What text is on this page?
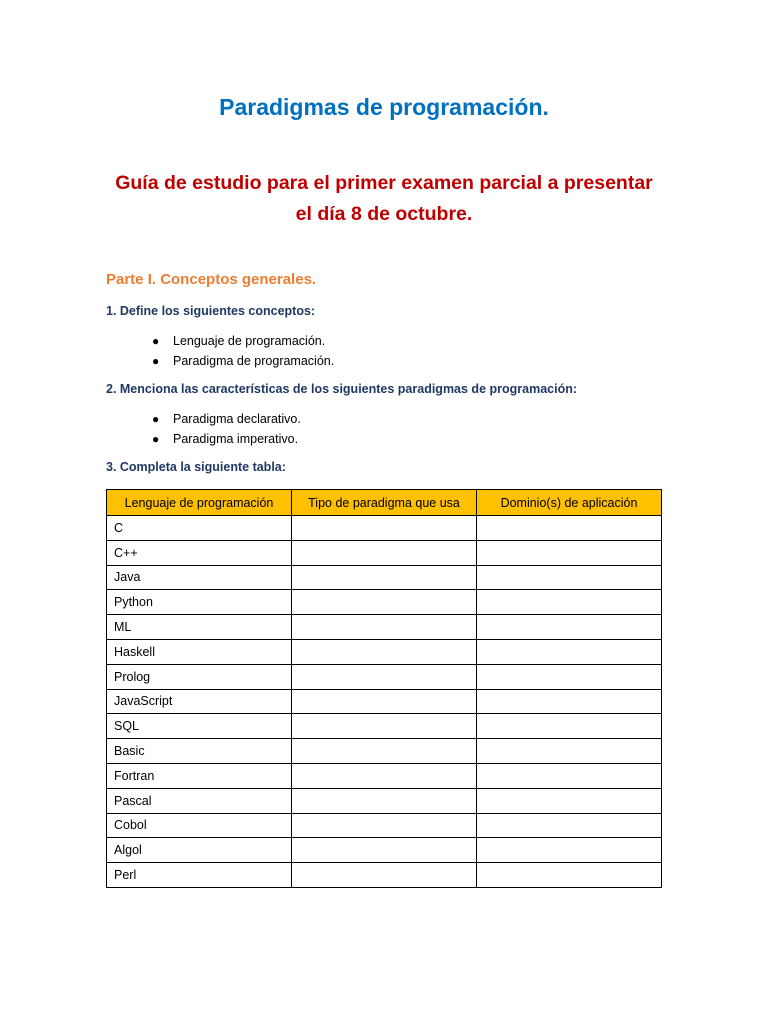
Paradigmas de programación.
Guía de estudio para el primer examen parcial a presentar
el día 8 de octubre.
Parte I. Conceptos generales.
1. Define los siguientes conceptos:
● Lenguaje de programación.
● Paradigma de programación.
2. Menciona las características de los siguientes paradigmas de programación:
● Paradigma declarativo.
● Paradigma imperativo.
3. Completa la siguiente tabla:
Lenguaje de programación	Tipo de paradigma que usa	Dominio(s) de aplicación
C		
C++		
Java		
Python		
ML		
Haskell		
Prolog		
JavaScript		
SQL		
Basic		
Fortran		
Pascal		
Cobol		
Algol		
Perl		
